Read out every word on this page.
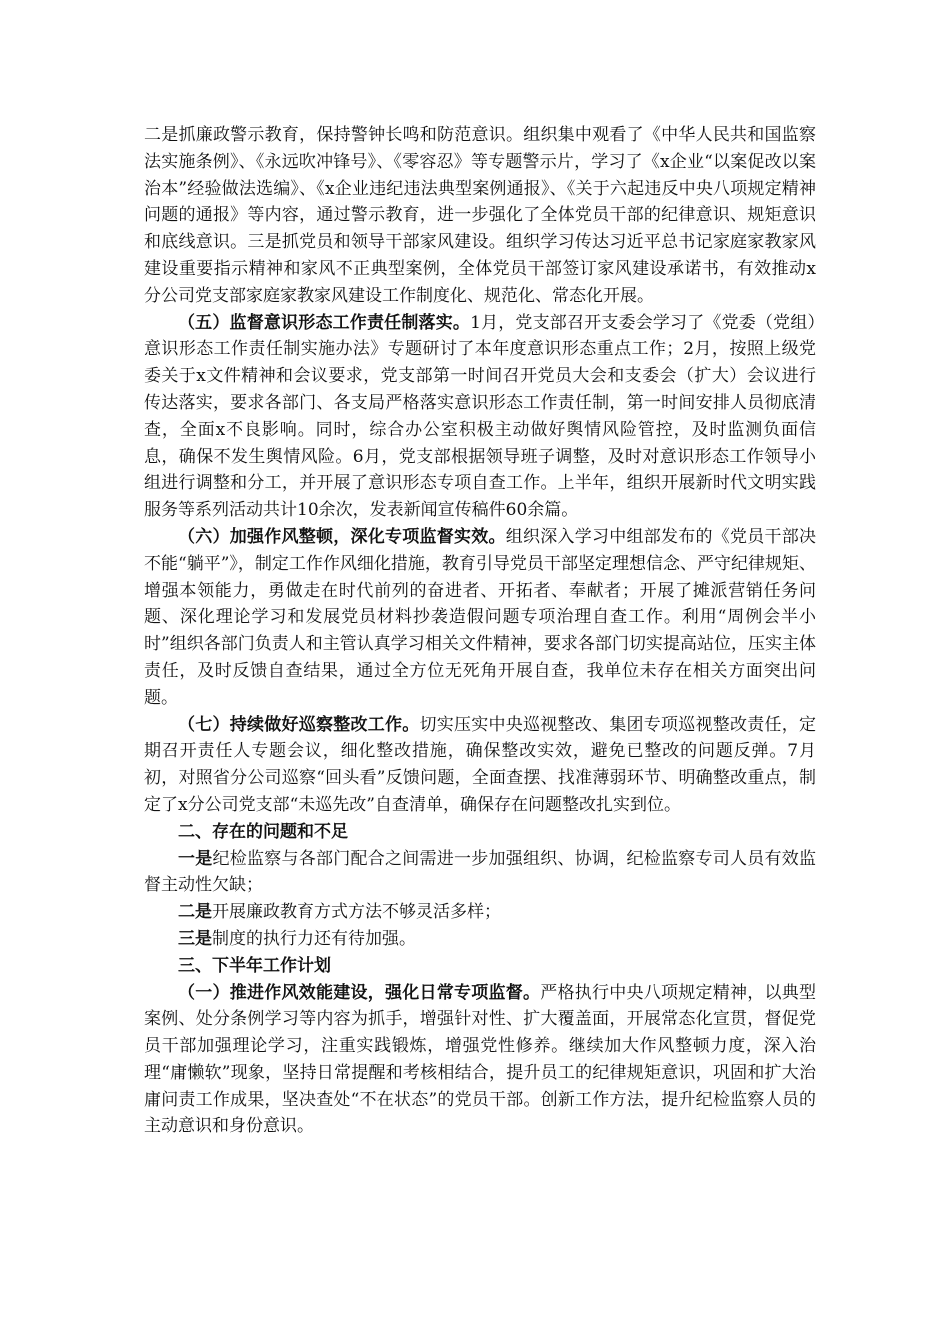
二是抓廉政警示教育，保持警钟长鸣和防范意识。组织集中观看了《中华人民共和国监察法实施条例》、《永远吹冲锋号》、《零容忍》等专题警示片，学习了《x企业“以案促改以案治本”经验做法选编》、《x企业违纪违法典型案例通报》、《关于六起违反中央八项规定精神问题的通报》等内容，通过警示教育，进一步强化了全体党员干部的纪律意识、规矩意识和底线意识。三是抓党员和领导干部家风建设。组织学习传达习近平总书记家庭家教家风建设重要指示精神和家风不正典型案例，全体党员干部签订家风建设承诺书，有效推动x分公司党支部家庭家教家风建设工作制度化、规范化、常态化开展。

（五）监督意识形态工作责任制落实。1月，党支部召开支委会学习了《党委（党组）意识形态工作责任制实施办法》专题研讨了本年度意识形态重点工作；2月，按照上级党委关于x文件精神和会议要求，党支部第一时间召开党员大会和支委会（扩大）会议进行传达落实，要求各部门、各支局严格落实意识形态工作责任制，第一时间安排人员彻底清查，全面x不良影响。同时，综合办公室积极主动做好舆情风险管控，及时监测负面信息，确保不发生舆情风险。6月，党支部根据领导班子调整，及时对意识形态工作领导小组进行调整和分工，并开展了意识形态专项自查工作。上半年，组织开展新时代文明实践服务等系列活动共计10余次，发表新闻宣传稿件60余篇。

（六）加强作风整顿，深化专项监督实效。组织深入学习中组部发布的《党员干部决不能“躺平”》，制定工作作风细化措施，教育引导党员干部坚定理想信念、严守纪律规矩、增强本领能力，勇做走在时代前列的奋进者、开拓者、奉献者；开展了摊派营销任务问题、深化理论学习和发展党员材料抄袭造假问题专项治理自查工作。利用“周例会半小时”组织各部门负责人和主管认真学习相关文件精神，要求各部门切实提高站位，压实主体责任，及时反馈自查结果，通过全方位无死角开展自查，我单位未存在相关方面突出问题。

（七）持续做好巡察整改工作。切实压实中央巡视整改、集团专项巡视整改责任，定期召开责任人专题会议，细化整改措施，确保整改实效，避免已整改的问题反弹。7月初，对照省分公司巡察“回头看”反馈问题，全面查摆、找准薄弱环节、明确整改重点，制定了x分公司党支部“未巡先改”自查清单，确保存在问题整改扎实到位。

二、存在的问题和不足

一是纪检监察与各部门配合之间需进一步加强组织、协调，纪检监察专司人员有效监督主动性欠缺；

二是开展廉政教育方式方法不够灵活多样；

三是制度的执行力还有待加强。

三、下半年工作计划

（一）推进作风效能建设，强化日常专项监督。严格执行中央八项规定精神，以典型案例、处分条例学习等内容为抓手，增强针对性、扩大覆盖面，开展常态化宣贯，督促党员干部加强理论学习，注重实践锻炼，增强党性修养。继续加大作风整顿力度，深入治理“庸懒软”现象，坚持日常提醒和考核相结合，提升员工的纪律规矩意识，巩固和扩大治庸问责工作成果，坚决查处“不在状态”的党员干部。创新工作方法，提升纪检监察人员的主动意识和身份意识。
